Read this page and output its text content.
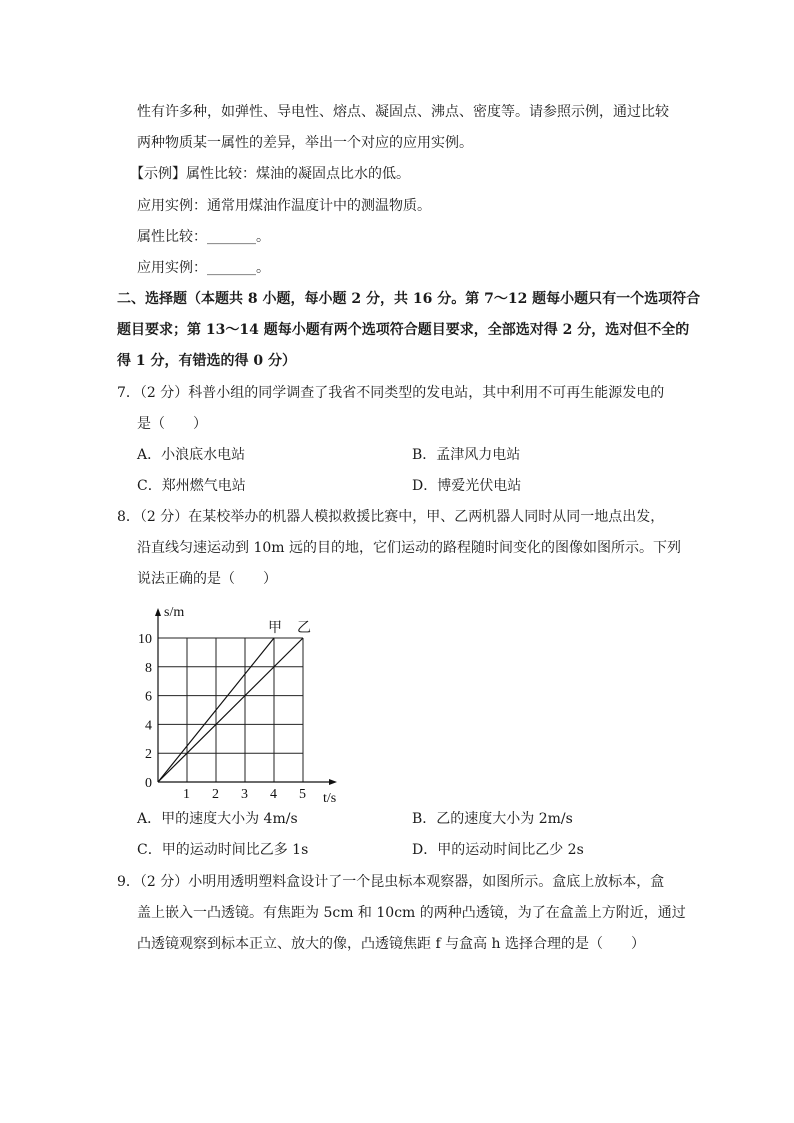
性有许多种，如弹性、导电性、熔点、凝固点、沸点、密度等。请参照示例，通过比较
两种物质某一属性的差异，举出一个对应的应用实例。
【示例】属性比较：煤油的凝固点比水的低。
应用实例：通常用煤油作温度计中的测温物质。
属性比较：_______。
应用实例：_______。
二、选择题（本题共 8 小题，每小题 2 分，共 16 分。第 7～12 题每小题只有一个选项符合
题目要求；第 13～14 题每小题有两个选项符合题目要求，全部选对得 2 分，选对但不全的
得 1 分，有错选的得 0 分）
7．（2 分）科普小组的同学调查了我省不同类型的发电站，其中利用不可再生能源发电的
是（　　）
A．小浪底水电站	B．孟津风力电站
C．郑州燃气电站	D．博爱光伏电站
8．（2 分）在某校举办的机器人模拟救援比赛中，甲、乙两机器人同时从同一地点出发，
沿直线匀速运动到 10m 远的目的地，它们运动的路程随时间变化的图像如图所示。下列
说法正确的是（　　）
甲 乙
1 2 3 4 5
0
2
4
6
8
10
s/m
t/s
A．甲的速度大小为 4m/s	B．乙的速度大小为 2m/s
C．甲的运动时间比乙多 1s	D．甲的运动时间比乙少 2s
9．（2 分）小明用透明塑料盒设计了一个昆虫标本观察器，如图所示。盒底上放标本，盒
盖上嵌入一凸透镜。有焦距为 5cm 和 10cm 的两种凸透镜，为了在盒盖上方附近，通过
凸透镜观察到标本正立、放大的像，凸透镜焦距 f 与盒高 h 选择合理的是（　　）
